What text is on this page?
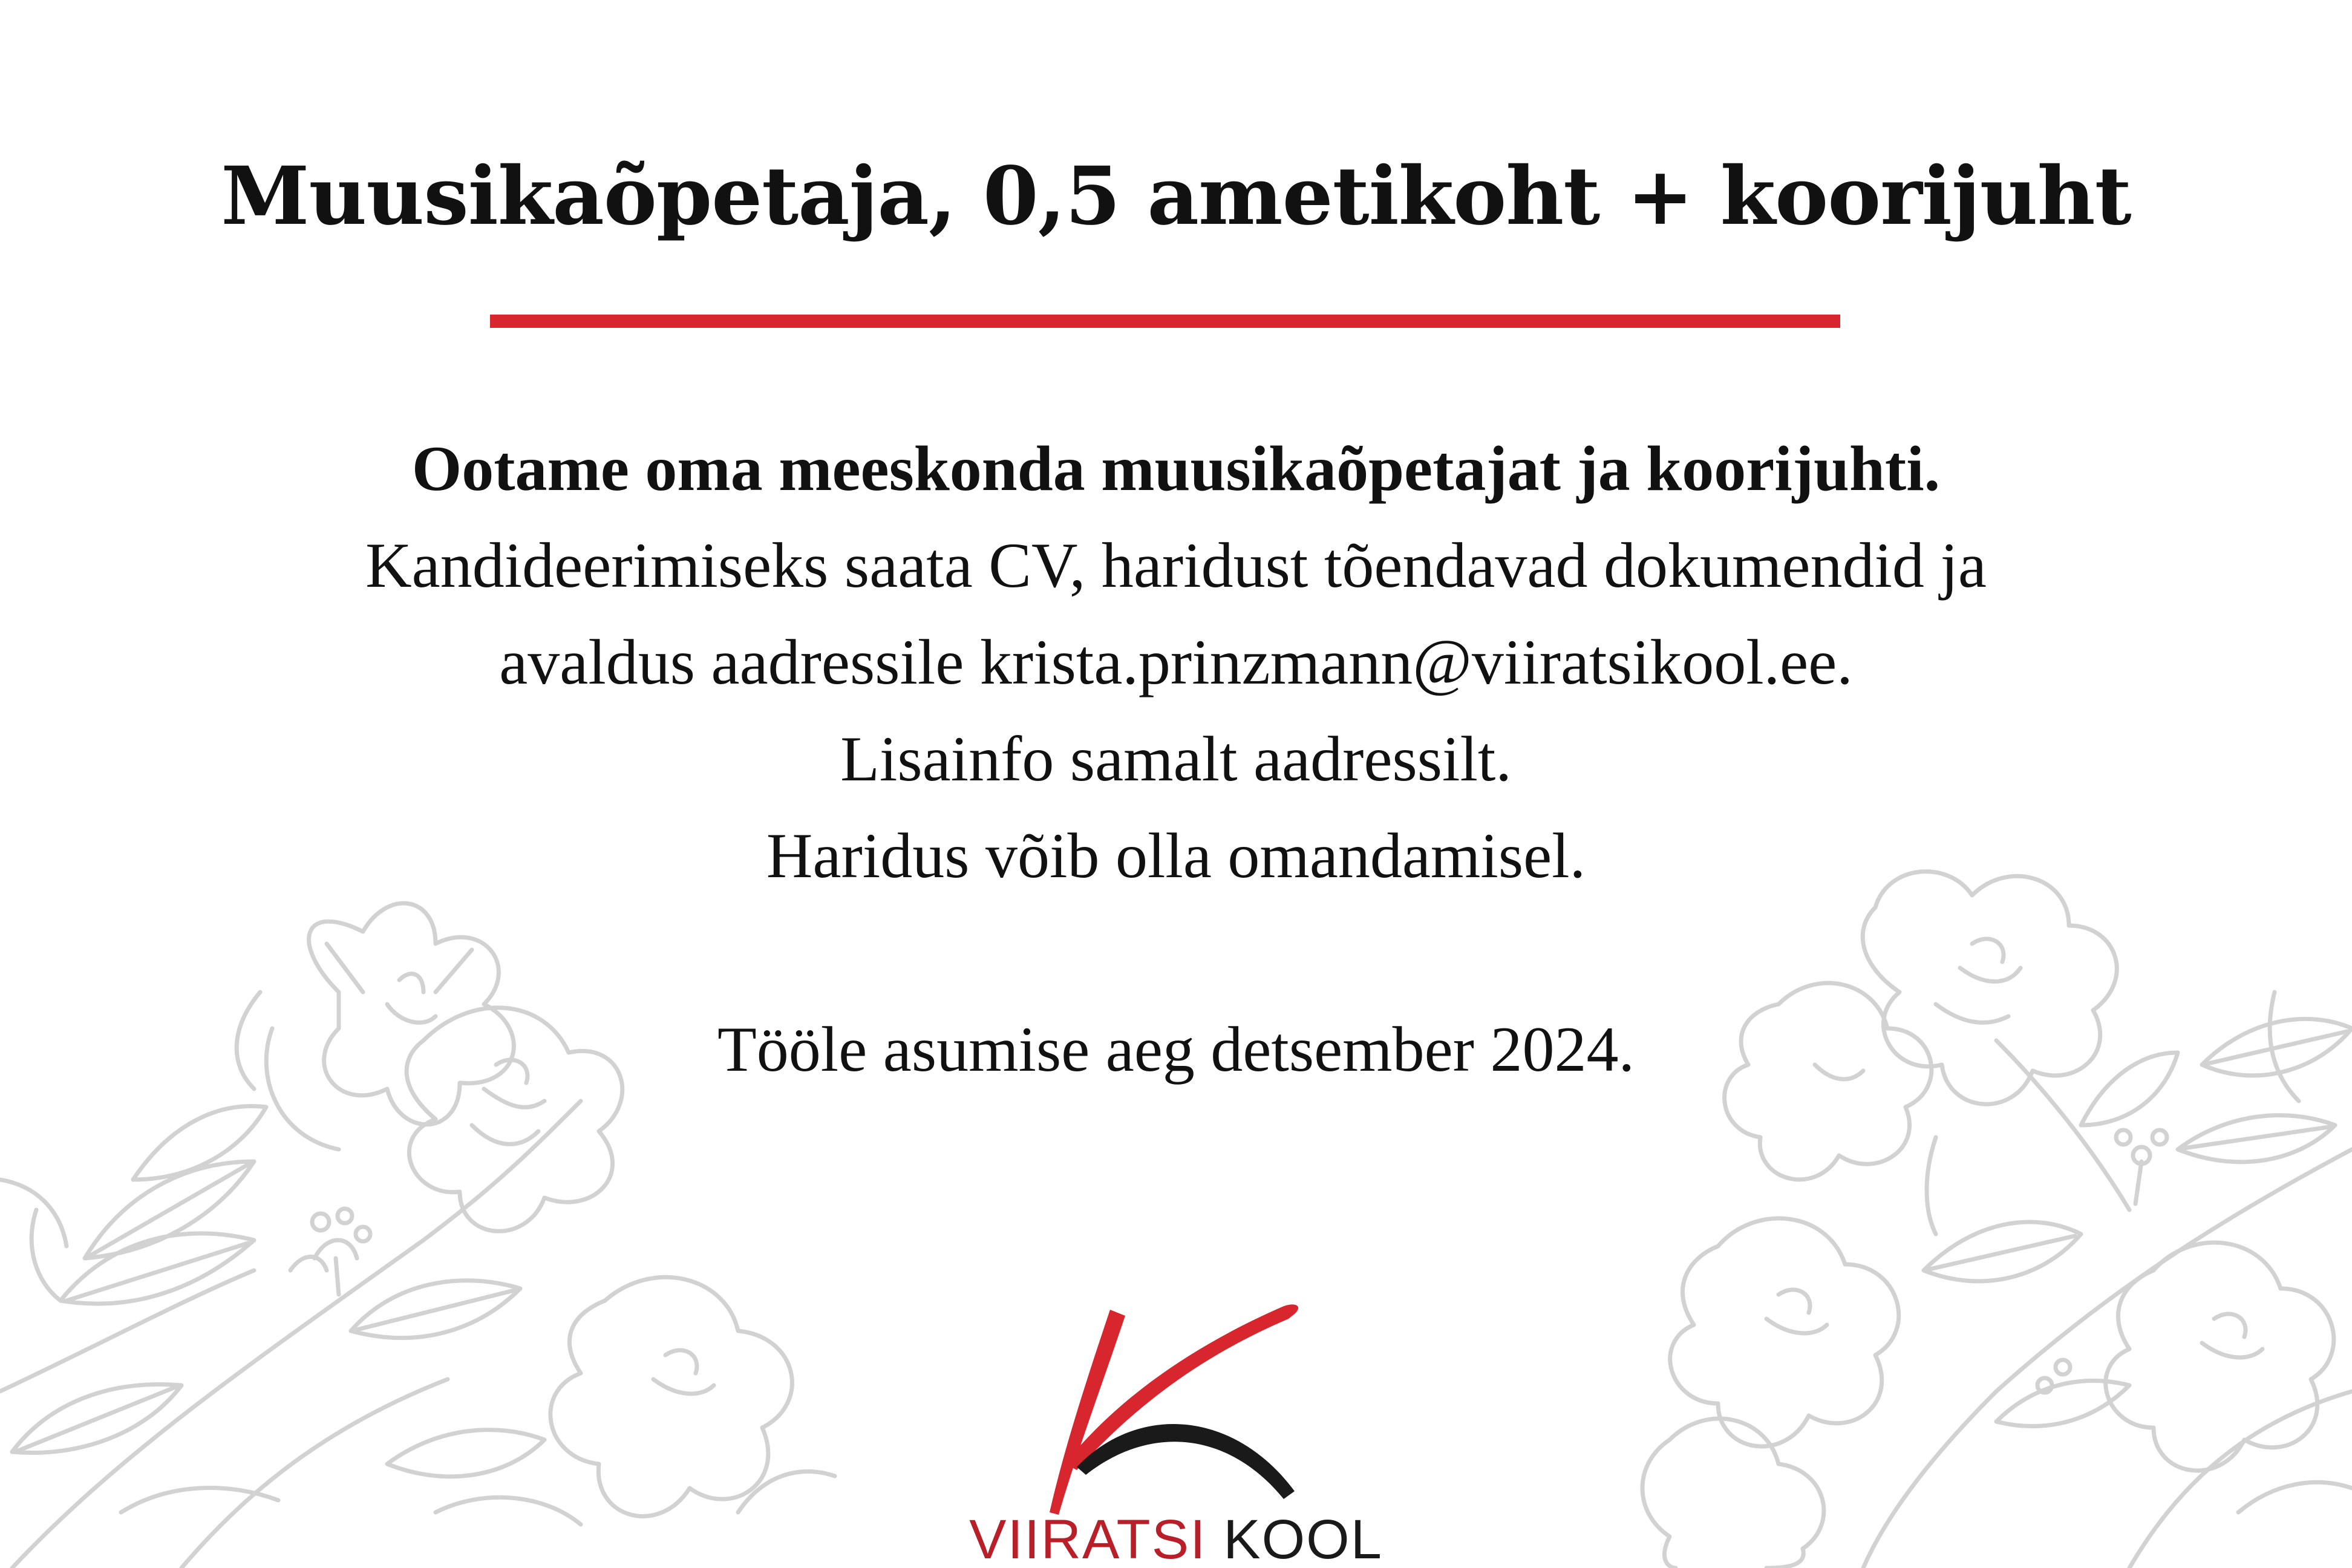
Muusikaõpetaja, 0,5 ametikoht + koorijuht
Ootame oma meeskonda muusikaõpetajat ja koorijuhti.
Kandideerimiseks saata CV, haridust tõendavad dokumendid ja
avaldus aadressile krista.prinzmann@viiratsikool.ee.
Lisainfo samalt aadressilt.
Haridus võib olla omandamisel.
Tööle asumise aeg detsember 2024.
VIIRATSI KOOL
